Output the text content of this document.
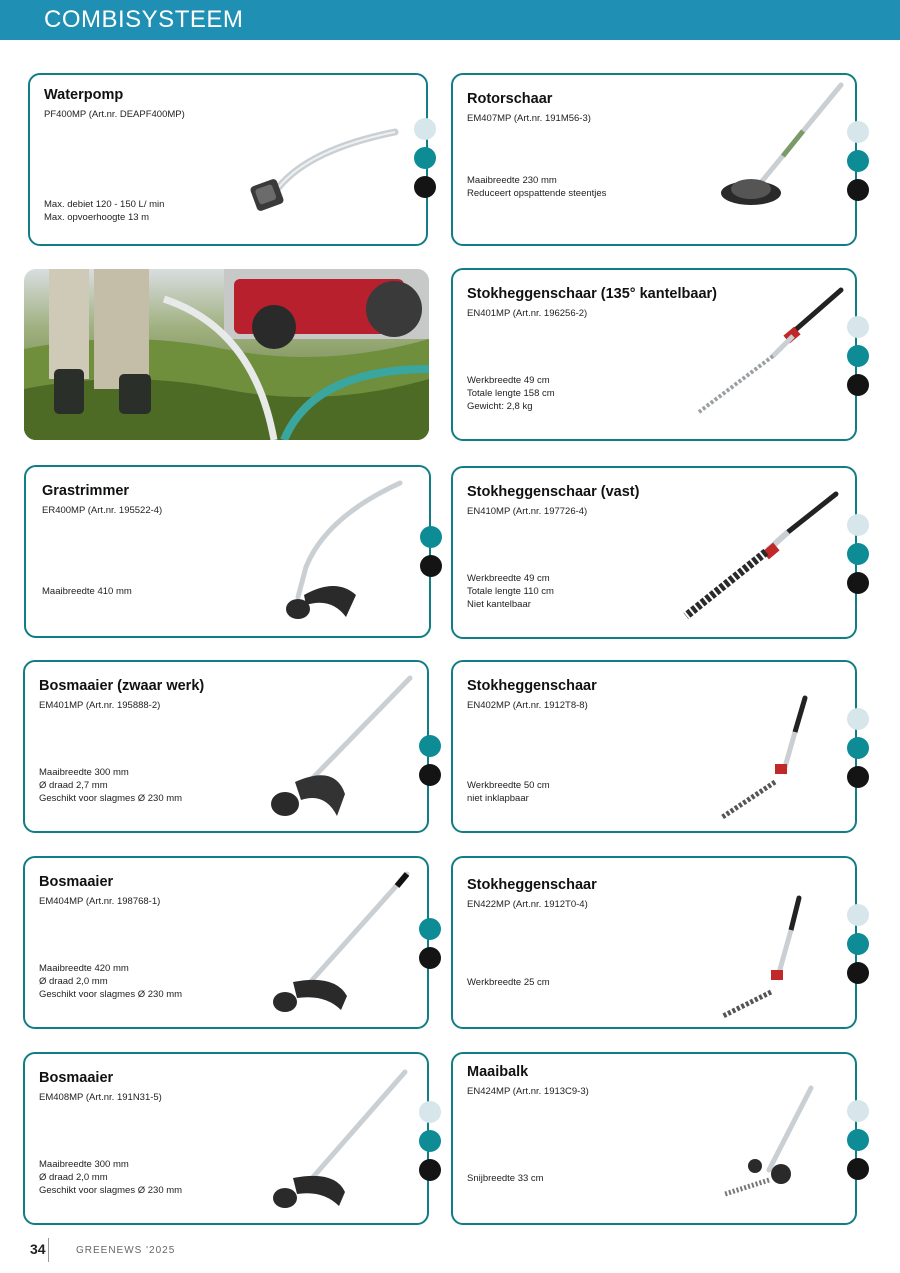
COMBISYSTEEM
Waterpomp
PF400MP (Art.nr. DEAPF400MP)
Max. debiet 120 - 150 L/ min
Max. opvoerhoogte 13 m
Rotorschaar
EM407MP (Art.nr. 191M56-3)
Maaibreedte 230 mm
Reduceert opspattende steentjes
Stokheggenschaar (135° kantelbaar)
EN401MP (Art.nr. 196256-2)
Werkbreedte 49 cm
Totale lengte 158 cm
Gewicht: 2,8 kg
Grastrimmer
ER400MP (Art.nr. 195522-4)
Maaibreedte 410 mm
Stokheggenschaar (vast)
EN410MP (Art.nr. 197726-4)
Werkbreedte 49 cm
Totale lengte 110 cm
Niet kantelbaar
Bosmaaier (zwaar werk)
EM401MP (Art.nr. 195888-2)
Maaibreedte 300 mm
Ø draad 2,7 mm
Geschikt voor slagmes Ø 230 mm
Stokheggenschaar
EN402MP (Art.nr. 1912T8-8)
Werkbreedte 50 cm
niet inklapbaar
Bosmaaier
EM404MP (Art.nr. 198768-1)
Maaibreedte 420 mm
Ø draad 2,0 mm
Geschikt voor slagmes Ø 230 mm
Stokheggenschaar
EN422MP (Art.nr. 1912T0-4)
Werkbreedte 25 cm
Bosmaaier
EM408MP (Art.nr. 191N31-5)
Maaibreedte 300 mm
Ø draad 2,0 mm
Geschikt voor slagmes Ø 230 mm
Maaibalk
EN424MP (Art.nr. 1913C9-3)
Snijbreedte 33 cm
34	GREENEWS '2025
